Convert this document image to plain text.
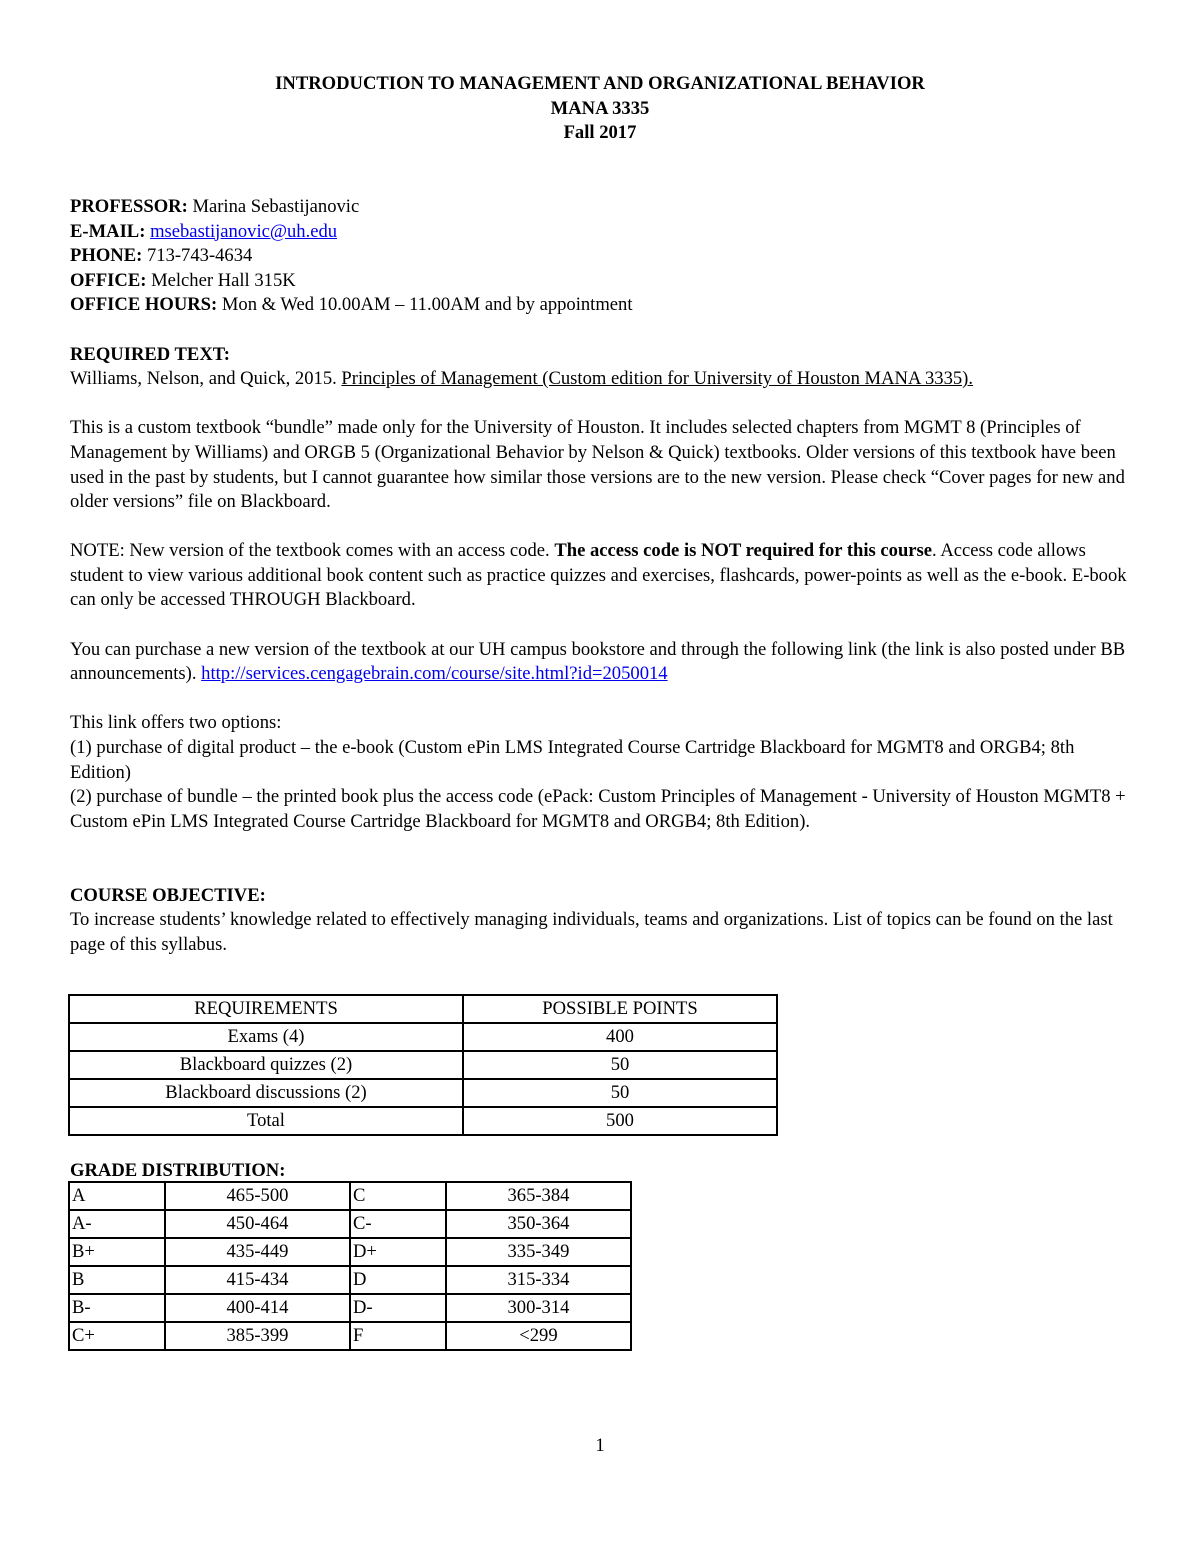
INTRODUCTION TO MANAGEMENT AND ORGANIZATIONAL BEHAVIOR
MANA 3335
Fall 2017

PROFESSOR: Marina Sebastijanovic

E-MAIL: msebastijanovic@uh.edu

PHONE: 713-743-4634

OFFICE: Melcher Hall 315K

OFFICE HOURS: Mon & Wed 10.00AM – 11.00AM and by appointment

REQUIRED TEXT:

Williams, Nelson, and Quick, 2015. Principles of Management (Custom edition for University of Houston MANA 3335).

This is a custom textbook “bundle” made only for the University of Houston. It includes selected chapters from MGMT 8 (Principles of Management by Williams) and ORGB 5 (Organizational Behavior by Nelson & Quick) textbooks. Older versions of this textbook have been used in the past by students, but I cannot guarantee how similar those versions are to the new version. Please check “Cover pages for new and older versions” file on Blackboard.

NOTE: New version of the textbook comes with an access code. The access code is NOT required for this course. Access code allows student to view various additional book content such as practice quizzes and exercises, flashcards, power-points as well as the e-book. E-book can only be accessed THROUGH Blackboard.

You can purchase a new version of the textbook at our UH campus bookstore and through the following link (the link is also posted under BB announcements). http://services.cengagebrain.com/course/site.html?id=2050014

This link offers two options:

(1) purchase of digital product – the e-book (Custom ePin LMS Integrated Course Cartridge Blackboard for MGMT8 and ORGB4; 8th Edition)

(2) purchase of bundle – the printed book plus the access code (ePack: Custom Principles of Management - University of Houston MGMT8 + Custom ePin LMS Integrated Course Cartridge Blackboard for MGMT8 and ORGB4; 8th Edition).

COURSE OBJECTIVE:

To increase students’ knowledge related to effectively managing individuals, teams and organizations. List of topics can be found on the last page of this syllabus.

REQUIREMENTS	POSSIBLE POINTS
Exams (4)	400
Blackboard quizzes (2)	50
Blackboard discussions (2)	50
Total	500

GRADE DISTRIBUTION:

A	465-500	C	365-384
A-	450-464	C-	350-364
B+	435-449	D+	335-349
B	415-434	D	315-334
B-	400-414	D-	300-314
C+	385-399	F	<299
1
